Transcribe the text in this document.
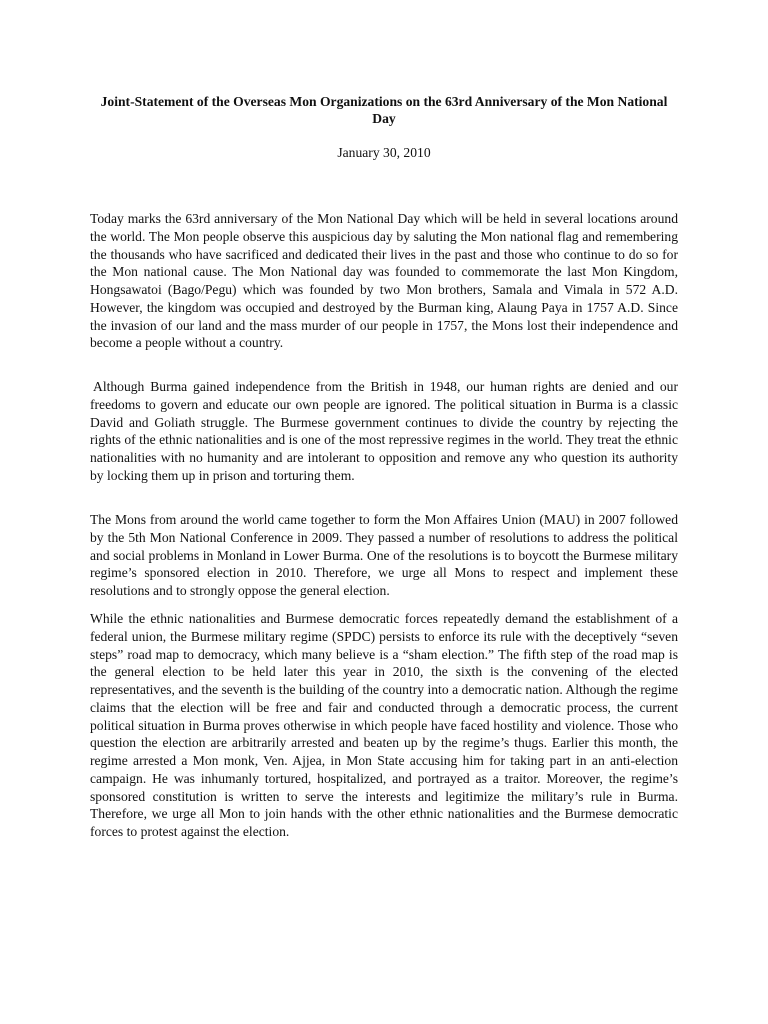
Joint-Statement of the Overseas Mon Organizations on the 63rd Anniversary of the Mon National Day
January 30, 2010

Today marks the 63rd anniversary of the Mon National Day which will be held in several locations around the world. The Mon people observe this auspicious day by saluting the Mon national flag and remembering the thousands who have sacrificed and dedicated their lives in the past and those who continue to do so for the Mon national cause. The Mon National day was founded to commemorate the last Mon Kingdom, Hongsawatoi (Bago/Pegu) which was founded by two Mon brothers, Samala and Vimala in 572 A.D. However, the kingdom was occupied and destroyed by the Burman king, Alaung Paya in 1757 A.D. Since the invasion of our land and the mass murder of our people in 1757, the Mons lost their independence and become a people without a country.

Although Burma gained independence from the British in 1948, our human rights are denied and our freedoms to govern and educate our own people are ignored. The political situation in Burma is a classic David and Goliath struggle. The Burmese government continues to divide the country by rejecting the rights of the ethnic nationalities and is one of the most repressive regimes in the world. They treat the ethnic nationalities with no humanity and are intolerant to opposition and remove any who question its authority by locking them up in prison and torturing them.

The Mons from around the world came together to form the Mon Affaires Union (MAU) in 2007 followed by the 5th Mon National Conference in 2009. They passed a number of resolutions to address the political and social problems in Monland in Lower Burma. One of the resolutions is to boycott the Burmese military regime’s sponsored election in 2010. Therefore, we urge all Mons to respect and implement these resolutions and to strongly oppose the general election.

While the ethnic nationalities and Burmese democratic forces repeatedly demand the establishment of a federal union, the Burmese military regime (SPDC) persists to enforce its rule with the deceptively “seven steps” road map to democracy, which many believe is a “sham election.” The fifth step of the road map is the general election to be held later this year in 2010, the sixth is the convening of the elected representatives, and the seventh is the building of the country into a democratic nation. Although the regime claims that the election will be free and fair and conducted through a democratic process, the current political situation in Burma proves otherwise in which people have faced hostility and violence. Those who question the election are arbitrarily arrested and beaten up by the regime’s thugs. Earlier this month, the regime arrested a Mon monk, Ven. Ajjea, in Mon State accusing him for taking part in an anti-election campaign. He was inhumanly tortured, hospitalized, and portrayed as a traitor. Moreover, the regime’s sponsored constitution is written to serve the interests and legitimize the military’s rule in Burma. Therefore, we urge all Mon to join hands with the other ethnic nationalities and the Burmese democratic forces to protest against the election.
